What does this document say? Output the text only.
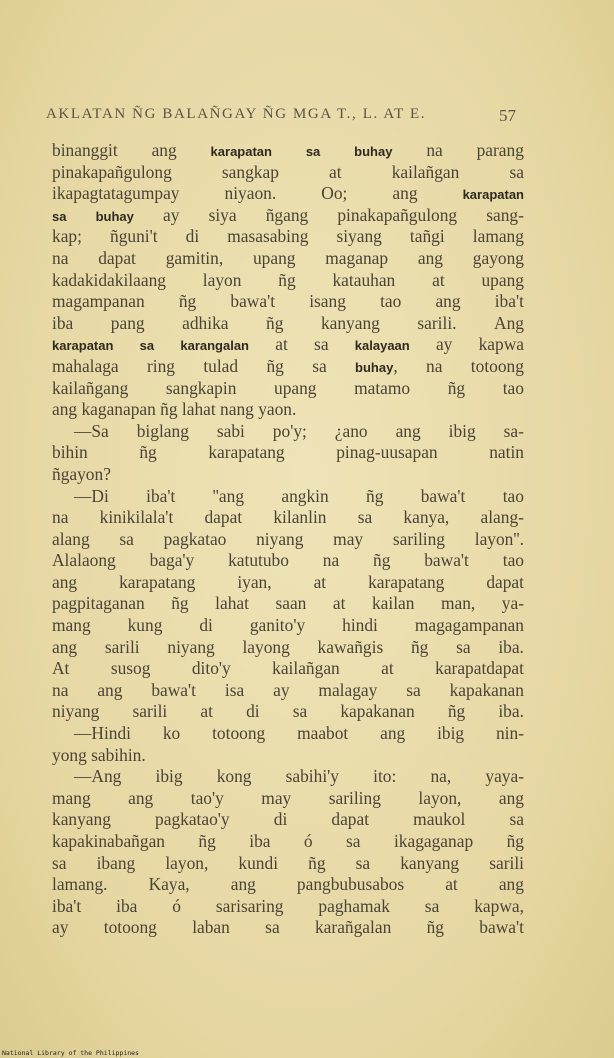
AKLATAN ÑG BALAÑGAY ÑG MGA T., L. AT E.	57
binanggit ang	karapatan	sa	buhay na parang
pinakapañgulong	sangkap	at	kailañgan	sa
ikapagtatagumpay	niyaon.	Oo;	ang	karapatan
sa buhay ay siya ñgang pinakapañgulong sang-
kap; ñguni't di masasabing siyang tañgi lamang
na dapat gamitin, upang maganap ang gayong
kadakidakilaang layon ñg katauhan at upang
magampanan ñg bawa't isang tao ang iba't
iba pang adhika ñg kanyang sarili. Ang
karapatan sa karangalan at sa kalayaan ay kapwa
mahalaga ring tulad ñg sa buhay, na totoong
kailañgang sangkapin upang matamo ñg tao
ang kaganapan ñg lahat nang yaon.
—Sa biglang sabi po'y; ¿ano ang ibig sa-
bihin	ñg	karapatang	pinag-uusapan	natin
ñgayon?
—Di iba't ''ang angkin ñg bawa't tao
na kinikilala't dapat kilanlin sa kanya, alang-
alang sa pagkatao niyang may sariling layon''.
Alalaong baga'y katutubo na ñg bawa't tao
ang karapatang iyan, at karapatang dapat
pagpitaganan ñg lahat saan at kailan man, ya-
mang kung di ganito'y hindi magagampanan
ang sarili niyang layong kawañgis ñg sa iba.
At susog dito'y kailañgan at karapatdapat
na ang bawa't isa ay malagay sa kapakanan
niyang sarili at di sa kapakanan ñg iba.
—Hindi ko totoong maabot ang ibig nin-
yong sabihin.
—Ang ibig kong sabihi'y ito: na, yaya-
mang ang tao'y may sariling layon, ang
kanyang	pagkatao'y	di	dapat	maukol	sa
kapakinabañgan ñg iba ó sa ikagaganap ñg
sa ibang layon, kundi ñg sa kanyang sarili
lamang. Kaya, ang pangbubusabos at ang
iba't iba ó sarisaring paghamak sa kapwa,
ay totoong laban sa karañgalan ñg bawa't
National Library of the Philippines
